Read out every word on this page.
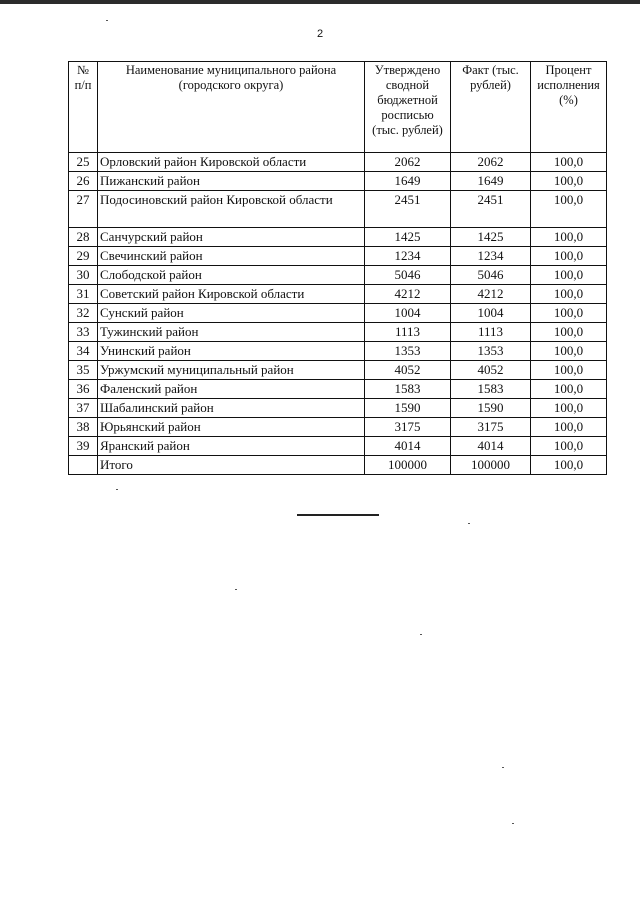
2
№ п/п	Наименование муниципального района (городского округа)	Утверждено сводной бюджетной росписью (тыс. рублей)	Факт (тыс. рублей)	Процент исполнения (%)
25	Орловский район Кировской области	2062	2062	100,0
26	Пижанский район	1649	1649	100,0
27	Подосиновский район Кировской области	2451	2451	100,0
28	Санчурский район	1425	1425	100,0
29	Свечинский район	1234	1234	100,0
30	Слободской район	5046	5046	100,0
31	Советский район Кировской области	4212	4212	100,0
32	Сунский район	1004	1004	100,0
33	Тужинский район	1113	1113	100,0
34	Унинский район	1353	1353	100,0
35	Уржумский муниципальный район	4052	4052	100,0
36	Фаленский район	1583	1583	100,0
37	Шабалинский район	1590	1590	100,0
38	Юрьянский район	3175	3175	100,0
39	Яранский район	4014	4014	100,0
	Итого	100000	100000	100,0
